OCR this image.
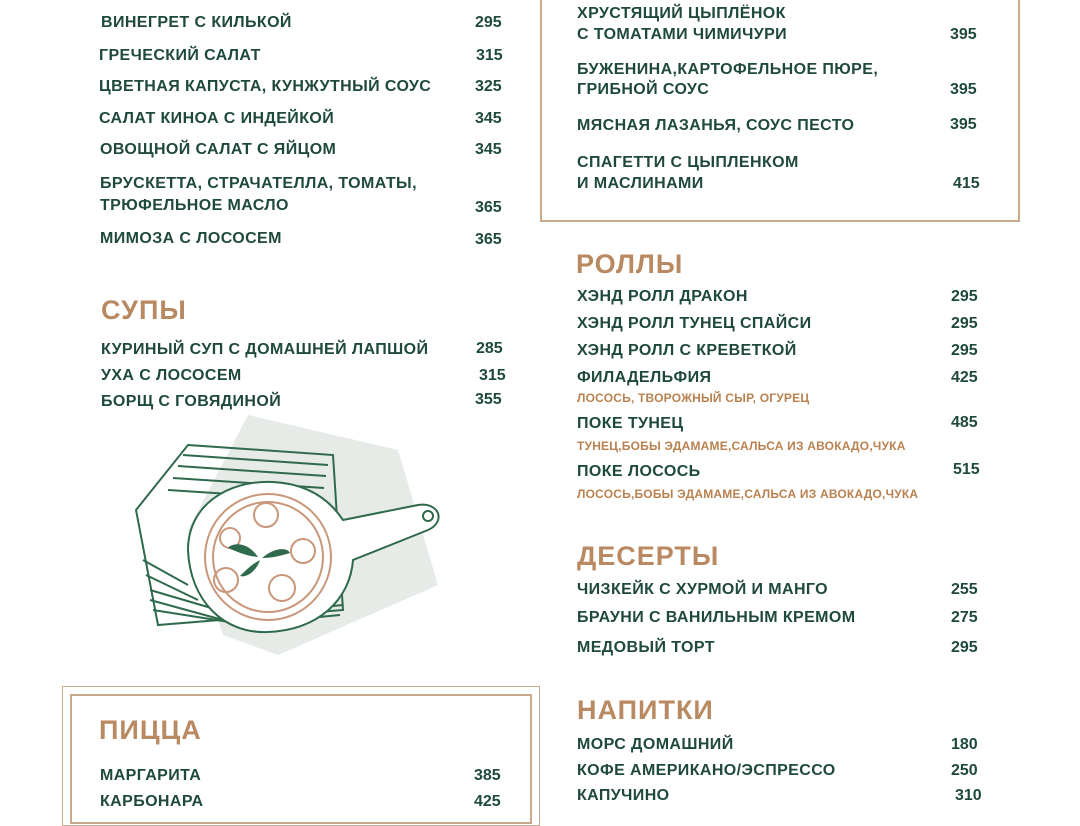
ВИНЕГРЕТ С КИЛЬКОЙ	295
ГРЕЧЕСКИЙ САЛАТ	315
ЦВЕТНАЯ КАПУСТА, КУНЖУТНЫЙ СОУС	325
САЛАТ КИНОА С ИНДЕЙКОЙ	345
ОВОЩНОЙ САЛАТ С ЯЙЦОМ	345
БРУСКЕТТА, СТРАЧАТЕЛЛА, ТОМАТЫ,
ТРЮФЕЛЬНОЕ МАСЛО	365
МИМОЗА С ЛОСОСЕМ	365
СУПЫ
КУРИНЫЙ СУП С ДОМАШНЕЙ ЛАПШОЙ	285
УХА С ЛОСОСЕМ	315
БОРЩ С ГОВЯДИНОЙ	355
ПИЦЦА
МАРГАРИТА	385
КАРБОНАРА	425
ХРУСТЯЩИЙ ЦЫПЛЁНОК
С ТОМАТАМИ ЧИМИЧУРИ	395
БУЖЕНИНА,КАРТОФЕЛЬНОЕ ПЮРЕ,
ГРИБНОЙ СОУС	395
МЯСНАЯ ЛАЗАНЬЯ, СОУС ПЕСТО	395
СПАГЕТТИ С ЦЫПЛЕНКОМ
И МАСЛИНАМИ	415
РОЛЛЫ
ХЭНД РОЛЛ ДРАКОН	295
ХЭНД РОЛЛ ТУНЕЦ СПАЙСИ	295
ХЭНД РОЛЛ С КРЕВЕТКОЙ	295
ФИЛАДЕЛЬФИЯ	425
ЛОСОСЬ, ТВОРОЖНЫЙ СЫР, ОГУРЕЦ
ПОКЕ ТУНЕЦ	485
ТУНЕЦ,БОБЫ ЭДАМАМЕ,САЛЬСА ИЗ АВОКАДО,ЧУКА
ПОКЕ ЛОСОСЬ	515
ЛОСОСЬ,БОБЫ ЭДАМАМЕ,САЛЬСА ИЗ АВОКАДО,ЧУКА
ДЕСЕРТЫ
ЧИЗКЕЙК С ХУРМОЙ И МАНГО	255
БРАУНИ С ВАНИЛЬНЫМ КРЕМОМ	275
МЕДОВЫЙ ТОРТ	295
НАПИТКИ
МОРС ДОМАШНИЙ	180
КОФЕ АМЕРИКАНО/ЭСПРЕССО	250
КАПУЧИНО	310
